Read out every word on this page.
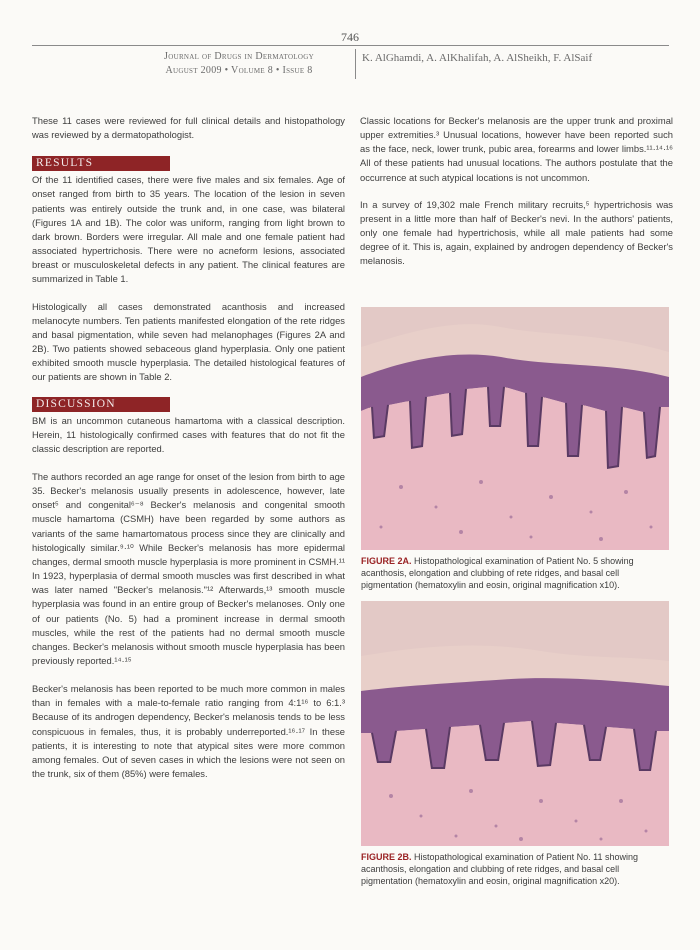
746
Journal of Drugs in Dermatology
August 2009 • Volume 8 • Issue 8
K. AlGhamdi, A. AlKhalifah, A. AlSheikh, F. AlSaif

These 11 cases were reviewed for full clinical details and histopathology was reviewed by a dermatopathologist.

RESULTS

Of the 11 identified cases, there were five males and six females. Age of onset ranged from birth to 35 years. The location of the lesion in seven patients was entirely outside the trunk and, in one case, was bilateral (Figures 1A and 1B). The color was uniform, ranging from light brown to dark brown. Borders were irregular. All male and one female patient had associated hypertrichosis. There were no acneform lesions, associated breast or musculoskeletal defects in any patient. The clinical features are summarized in Table 1.

Histologically all cases demonstrated acanthosis and increased melanocyte numbers. Ten patients manifested elongation of the rete ridges and basal pigmentation, while seven had melanophages (Figures 2A and 2B). Two patients showed sebaceous gland hyperplasia. Only one patient exhibited smooth muscle hyperplasia. The detailed histological features of our patients are shown in Table 2.

DISCUSSION

BM is an uncommon cutaneous hamartoma with a classical description. Herein, 11 histologically confirmed cases with features that do not fit the classic description are reported.

The authors recorded an age range for onset of the lesion from birth to age 35. Becker's melanosis usually presents in adolescence, however, late onset⁵ and congenital⁶⁻⁸ Becker's melanosis and congenital smooth muscle hamartoma (CSMH) have been regarded by some authors as variants of the same hamartomatous process since they are clinically and histologically similar.⁹·¹⁰ While Becker's melanosis has more epidermal changes, dermal smooth muscle hyperplasia is more prominent in CSMH.¹¹ In 1923, hyperplasia of dermal smooth muscles was first described in what was later named "Becker's melanosis."¹² Afterwards,¹³ smooth muscle hyperplasia was found in an entire group of Becker's melanoses. Only one of our patients (No. 5) had a prominent increase in dermal smooth muscles, while the rest of the patients had no dermal smooth muscle changes. Becker's melanosis without smooth muscle hyperplasia has been previously reported.¹⁴·¹⁵

Becker's melanosis has been reported to be much more common in males than in females with a male-to-female ratio ranging from 4:1¹⁶ to 6:1.³ Because of its androgen dependency, Becker's melanosis tends to be less conspicuous in females, thus, it is probably underreported.¹⁶·¹⁷ In these patients, it is interesting to note that atypical sites were more common among females. Out of seven cases in which the lesions were not seen on the trunk, six of them (85%) were females.

Classic locations for Becker's melanosis are the upper trunk and proximal upper extremities.³ Unusual locations, however have been reported such as the face, neck, lower trunk, pubic area, forearms and lower limbs.¹¹·¹⁴·¹⁶ All of these patients had unusual locations. The authors postulate that the occurrence at such atypical locations is not uncommon.

In a survey of 19,302 male French military recruits,⁵ hypertrichosis was present in a little more than half of Becker's nevi. In the authors' patients, only one female had hypertrichosis, while all male patients had some degree of it. This is, again, explained by androgen dependency of Becker's melanosis.

FIGURE 2A. Histopathological examination of Patient No. 5 showing acanthosis, elongation and clubbing of rete ridges, and basal cell pigmentation (hematoxylin and eosin, original magnification x10).
FIGURE 2B. Histopathological examination of Patient No. 11 showing acanthosis, elongation and clubbing of rete ridges, and basal cell pigmentation (hematoxylin and eosin, original magnification x20).
